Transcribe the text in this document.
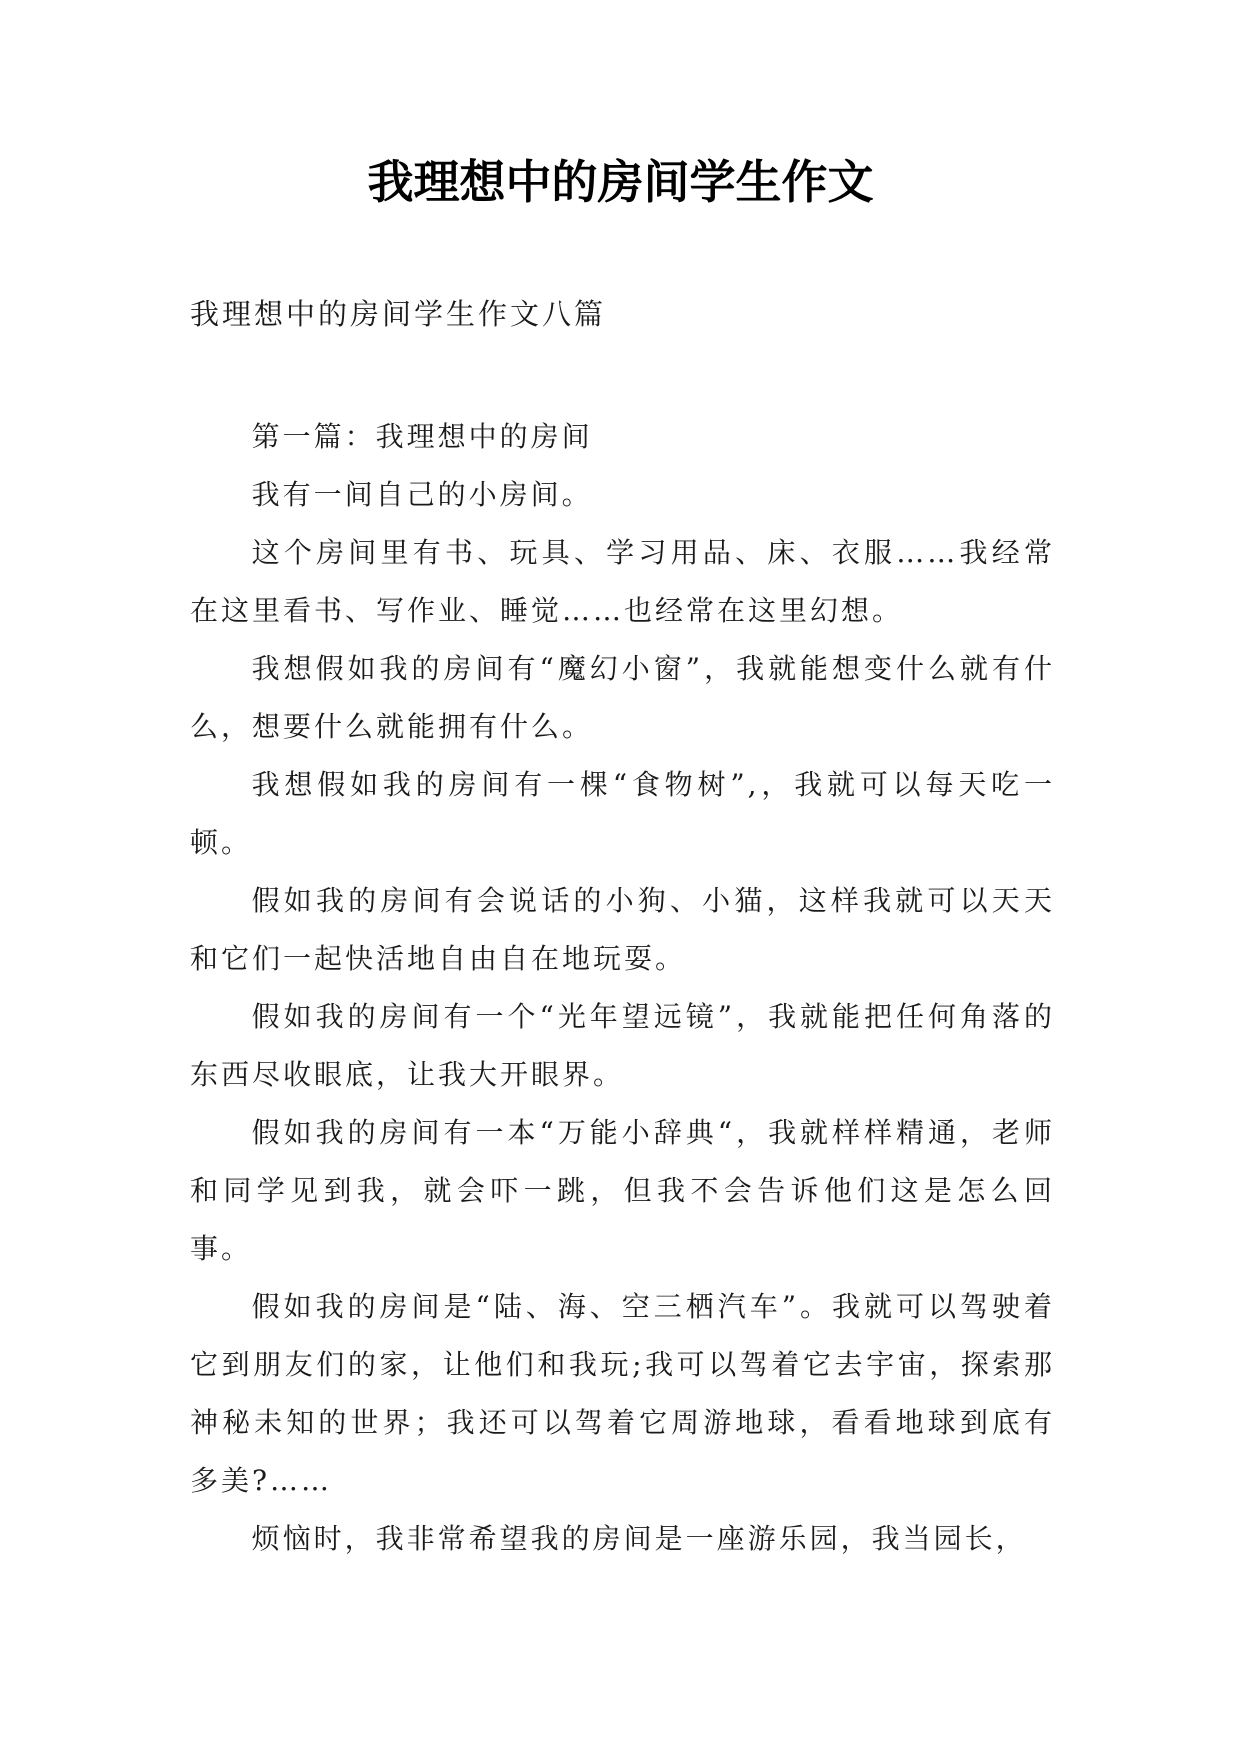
我理想中的房间学生作文
我理想中的房间学生作文八篇

第一篇：我理想中的房间

我有一间自己的小房间。

这个房间里有书、玩具、学习用品、床、衣服……我经常在这里看书、写作业、睡觉……也经常在这里幻想。

我想假如我的房间有“魔幻小窗”，我就能想变什么就有什么，想要什么就能拥有什么。

我想假如我的房间有一棵“食物树”,，我就可以每天吃一顿。

假如我的房间有会说话的小狗、小猫，这样我就可以天天和它们一起快活地自由自在地玩耍。

假如我的房间有一个“光年望远镜”，我就能把任何角落的东西尽收眼底，让我大开眼界。

假如我的房间有一本“万能小辞典“，我就样样精通，老师和同学见到我，就会吓一跳，但我不会告诉他们这是怎么回事。

假如我的房间是“陆、海、空三栖汽车”。我就可以驾驶着它到朋友们的家，让他们和我玩;我可以驾着它去宇宙，探索那神秘未知的世界；我还可以驾着它周游地球，看看地球到底有多美?……

烦恼时，我非常希望我的房间是一座游乐园，我当园长，
